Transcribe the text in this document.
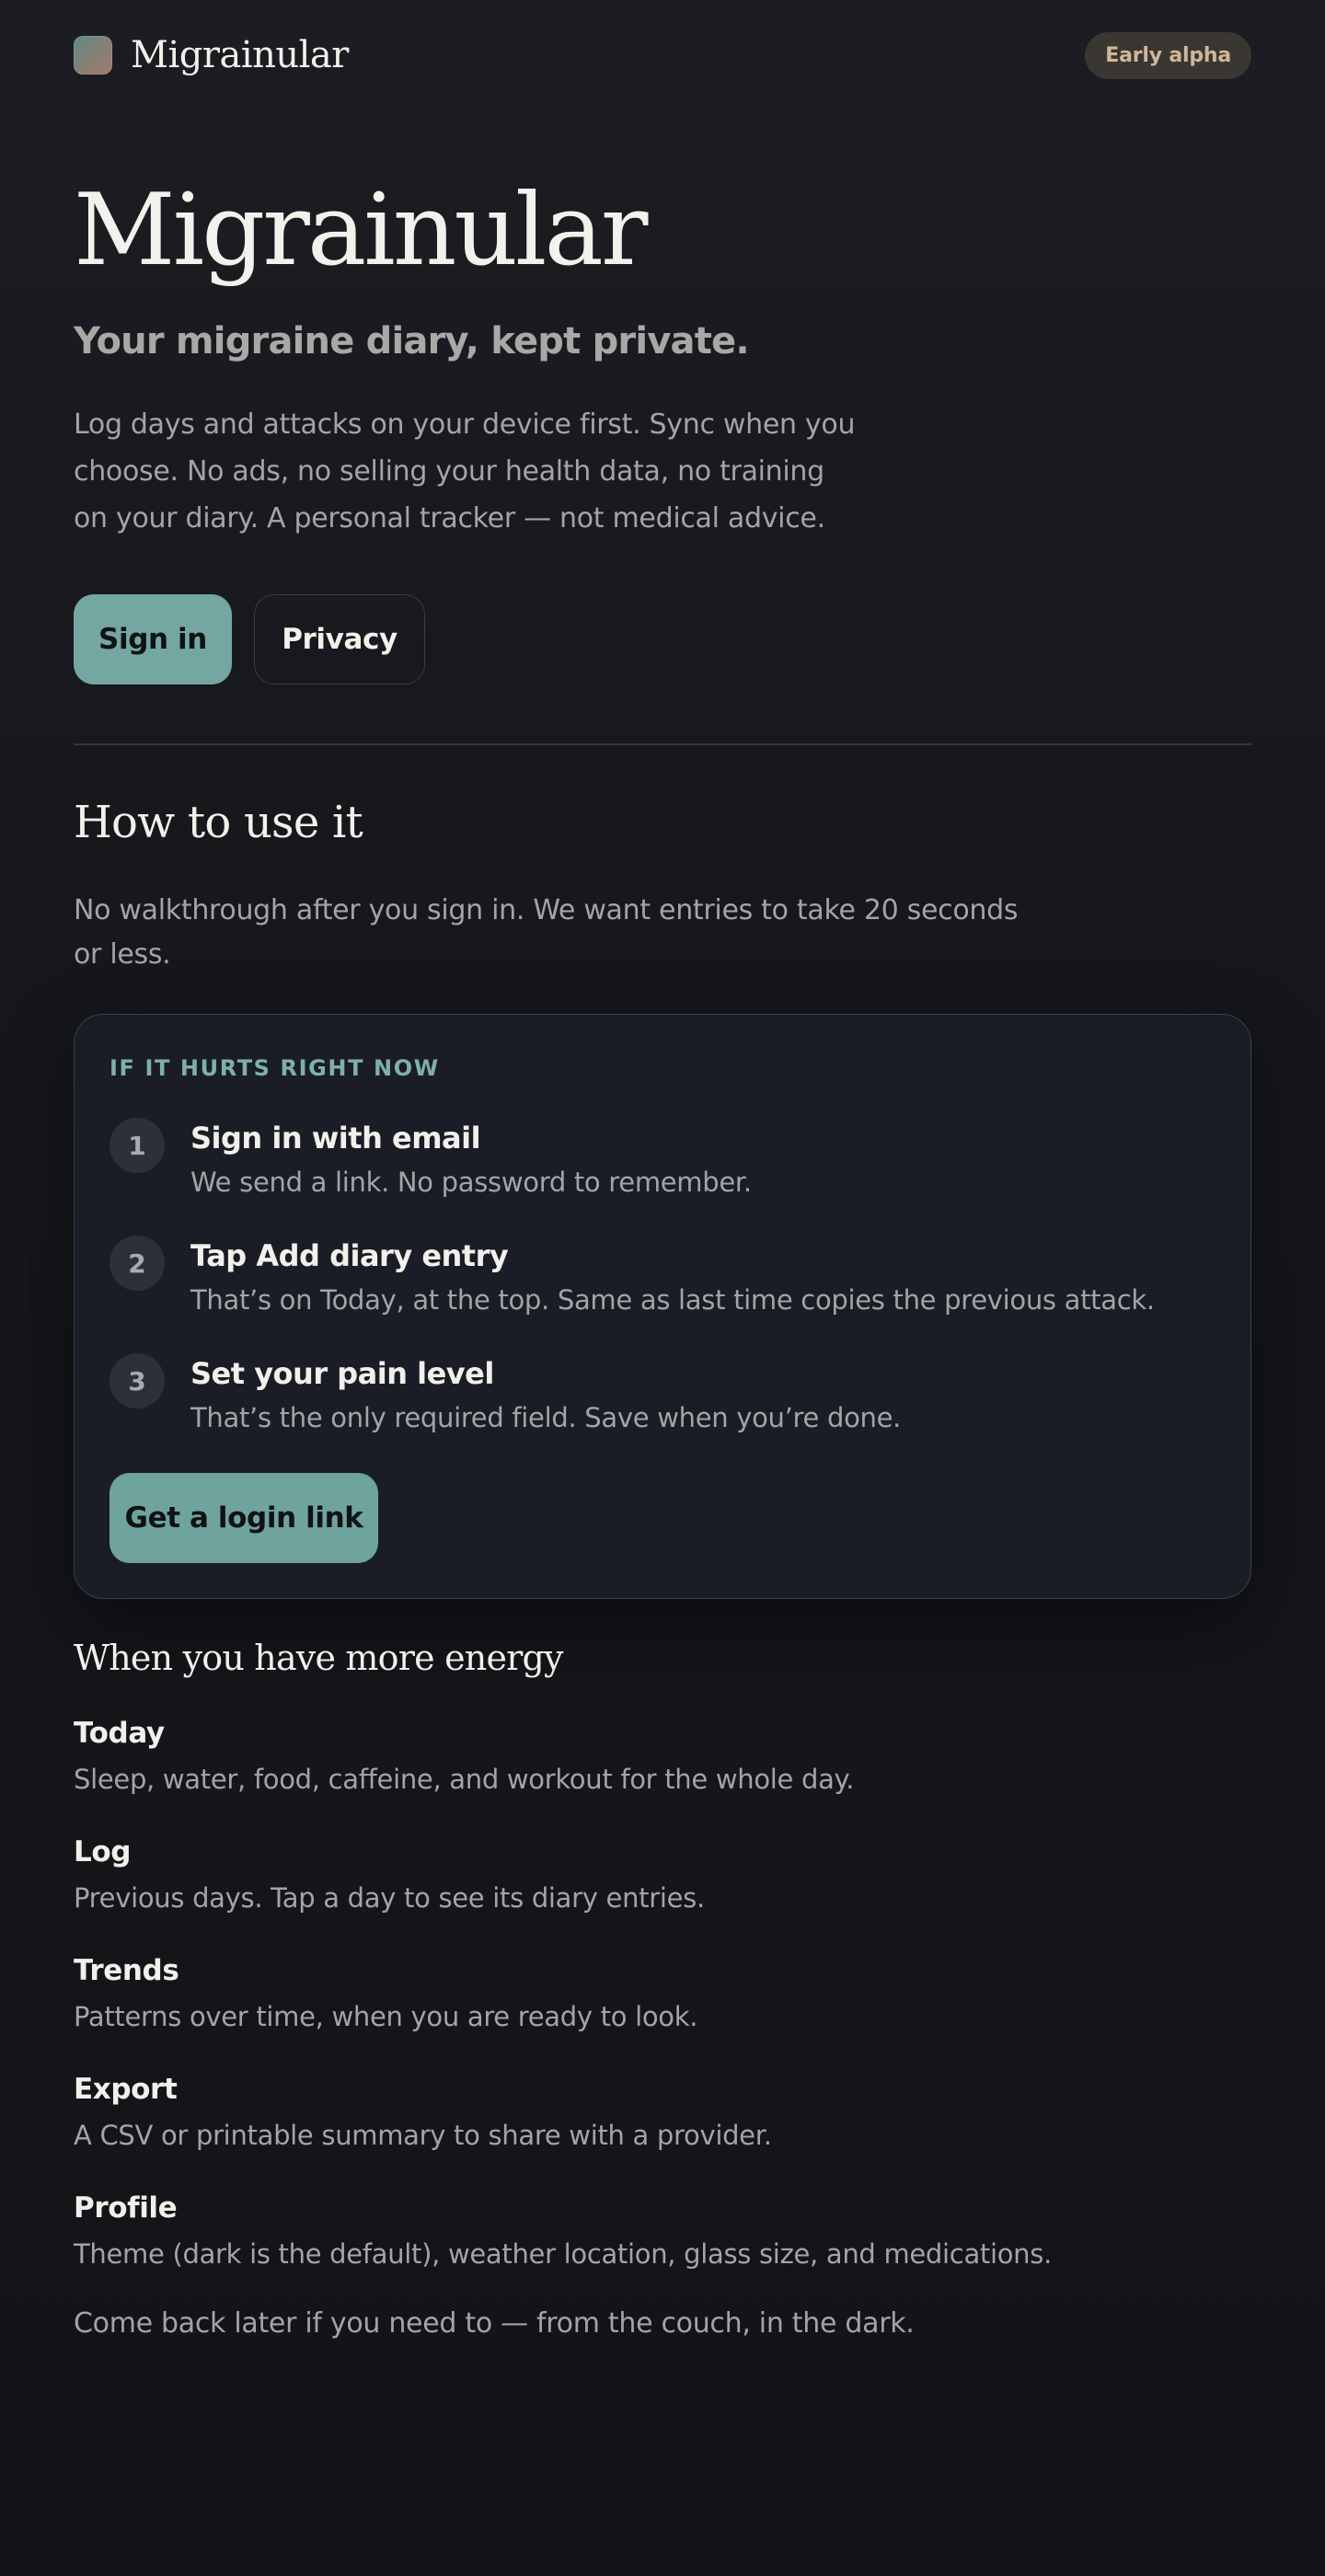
Migrainular	Early alpha
Migrainular
Your migraine diary, kept private.

Log days and attacks on your device first. Sync when you choose. No ads, no selling your health data, no training on your diary. A personal tracker — not medical advice.

Sign in	Privacy
How to use it

No walkthrough after you sign in. We want entries to take 20 seconds or less.

IF IT HURTS RIGHT NOW
1	Sign in with email
We send a link. No password to remember.
2	Tap Add diary entry
That’s on Today, at the top. Same as last time copies the previous attack.
3	Set your pain level
That’s the only required field. Save when you’re done.
Get a login link
When you have more energy
Today
Sleep, water, food, caffeine, and workout for the whole day.
Log
Previous days. Tap a day to see its diary entries.
Trends
Patterns over time, when you are ready to look.
Export
A CSV or printable summary to share with a provider.
Profile
Theme (dark is the default), weather location, glass size, and medications.

Come back later if you need to — from the couch, in the dark.
